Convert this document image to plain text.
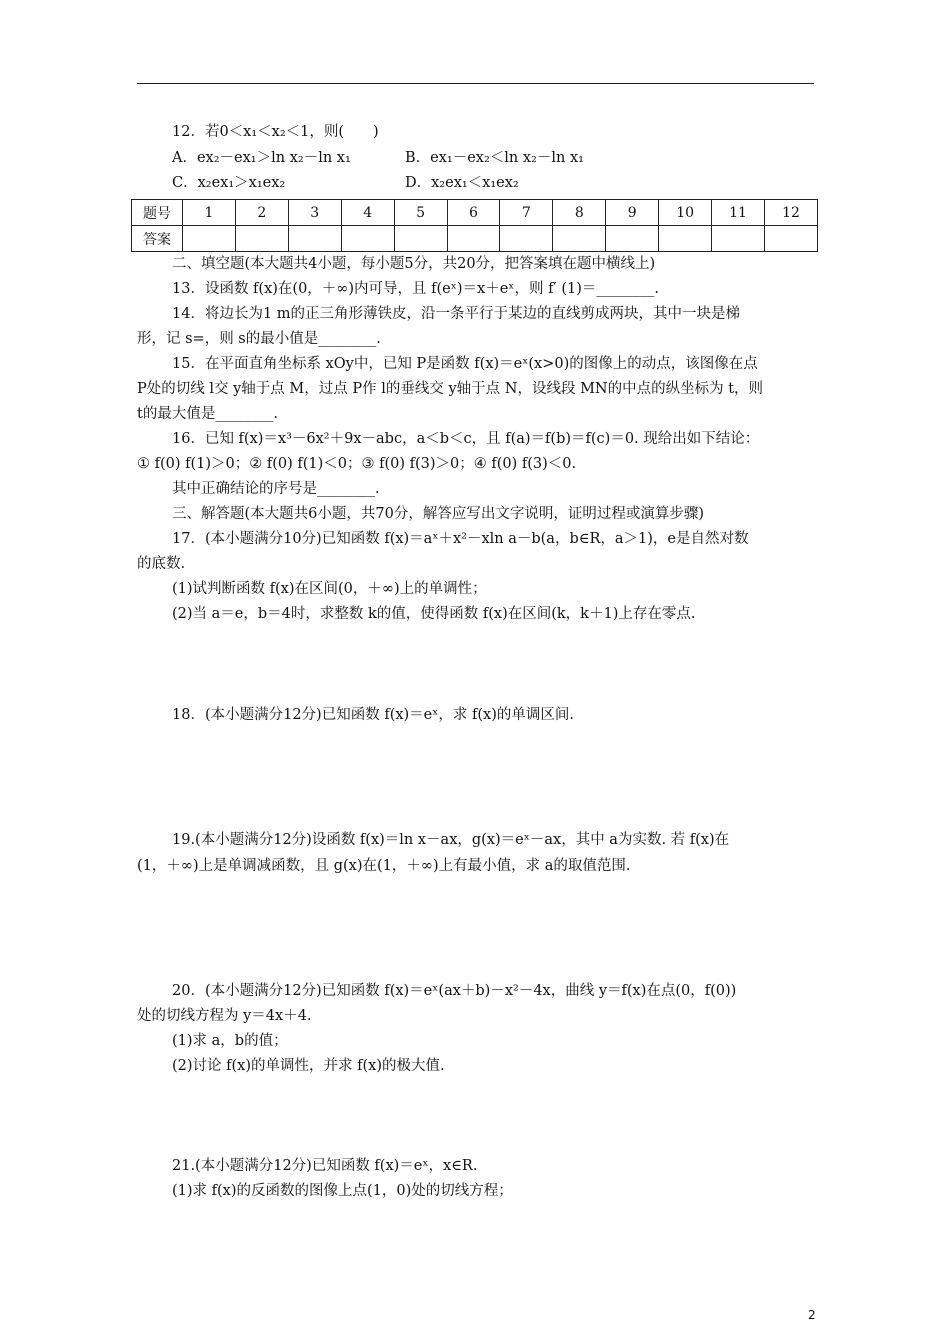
12．若0＜x₁＜x₂＜1，则(　　)
A．ex₂－ex₁＞ln x₂－ln x₁	B．ex₁－ex₂＜ln x₂－ln x₁
C．x₂ex₁＞x₁ex₂	D．x₂ex₁＜x₁ex₂
题号	1	2	3	4	5	6	7	8	9	10	11	12
答案												
二、填空题(本大题共4小题，每小题5分，共20分，把答案填在题中横线上)
13．设函数 f(x)在(0，＋∞)内可导，且 f(eˣ)＝x＋eˣ，则 f′ (1)＝________.
14．将边长为1 m的正三角形薄铁皮，沿一条平行于某边的直线剪成两块，其中一块是梯
形，记 s=，则 s的最小值是________.
15．在平面直角坐标系 xOy中，已知 P是函数 f(x)＝eˣ(x>0)的图像上的动点，该图像在点
P处的切线 l交 y轴于点 M，过点 P作 l的垂线交 y轴于点 N，设线段 MN的中点的纵坐标为 t，则
t的最大值是________.
16．已知 f(x)＝x³－6x²＋9x－abc，a＜b＜c，且 f(a)＝f(b)＝f(c)＝0. 现给出如下结论：
① f(0) f(1)＞0；② f(0) f(1)＜0；③ f(0) f(3)＞0；④ f(0) f(3)＜0.
其中正确结论的序号是________.
三、解答题(本大题共6小题，共70分，解答应写出文字说明，证明过程或演算步骤)
17．(本小题满分10分)已知函数 f(x)＝aˣ＋x²－xln a－b(a，b∈R，a＞1)，e是自然对数
的底数.
(1)试判断函数 f(x)在区间(0，＋∞)上的单调性；
(2)当 a＝e，b＝4时，求整数 k的值，使得函数 f(x)在区间(k，k＋1)上存在零点.
18．(本小题满分12分)已知函数 f(x)＝eˣ，求 f(x)的单调区间.
19.(本小题满分12分)设函数 f(x)＝ln x－ax，g(x)＝eˣ－ax，其中 a为实数. 若 f(x)在
(1，＋∞)上是单调减函数，且 g(x)在(1，＋∞)上有最小值，求 a的取值范围.
20．(本小题满分12分)已知函数 f(x)＝eˣ(ax＋b)－x²－4x，曲线 y＝f(x)在点(0，f(0))
处的切线方程为 y＝4x＋4.
(1)求 a，b的值；
(2)讨论 f(x)的单调性，并求 f(x)的极大值.
21.(本小题满分12分)已知函数 f(x)＝eˣ，x∈R.
(1)求 f(x)的反函数的图像上点(1，0)处的切线方程；
2
